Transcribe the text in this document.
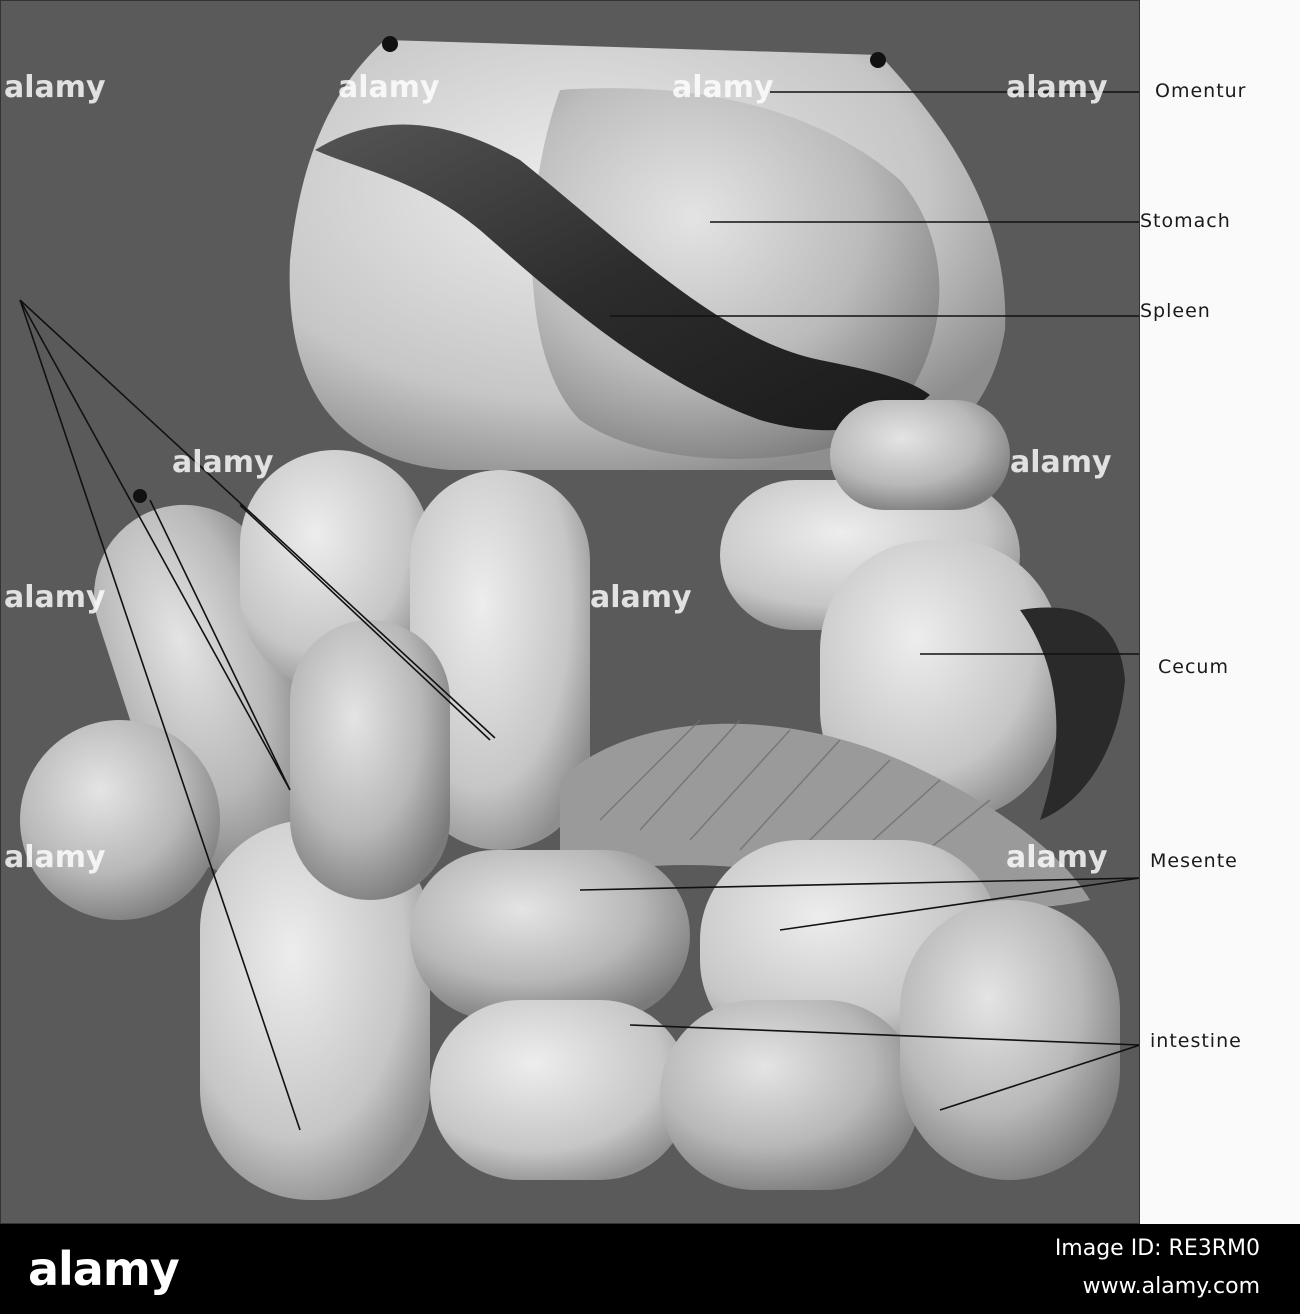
alamy	alamy	alamy	alamy
alamy	alamy
alamy	alamy
alamy	alamy
Omentur
Stomach
Spleen
Cecum
Mesente
intestine
alamy	Image ID: RE3RM0
www.alamy.com
